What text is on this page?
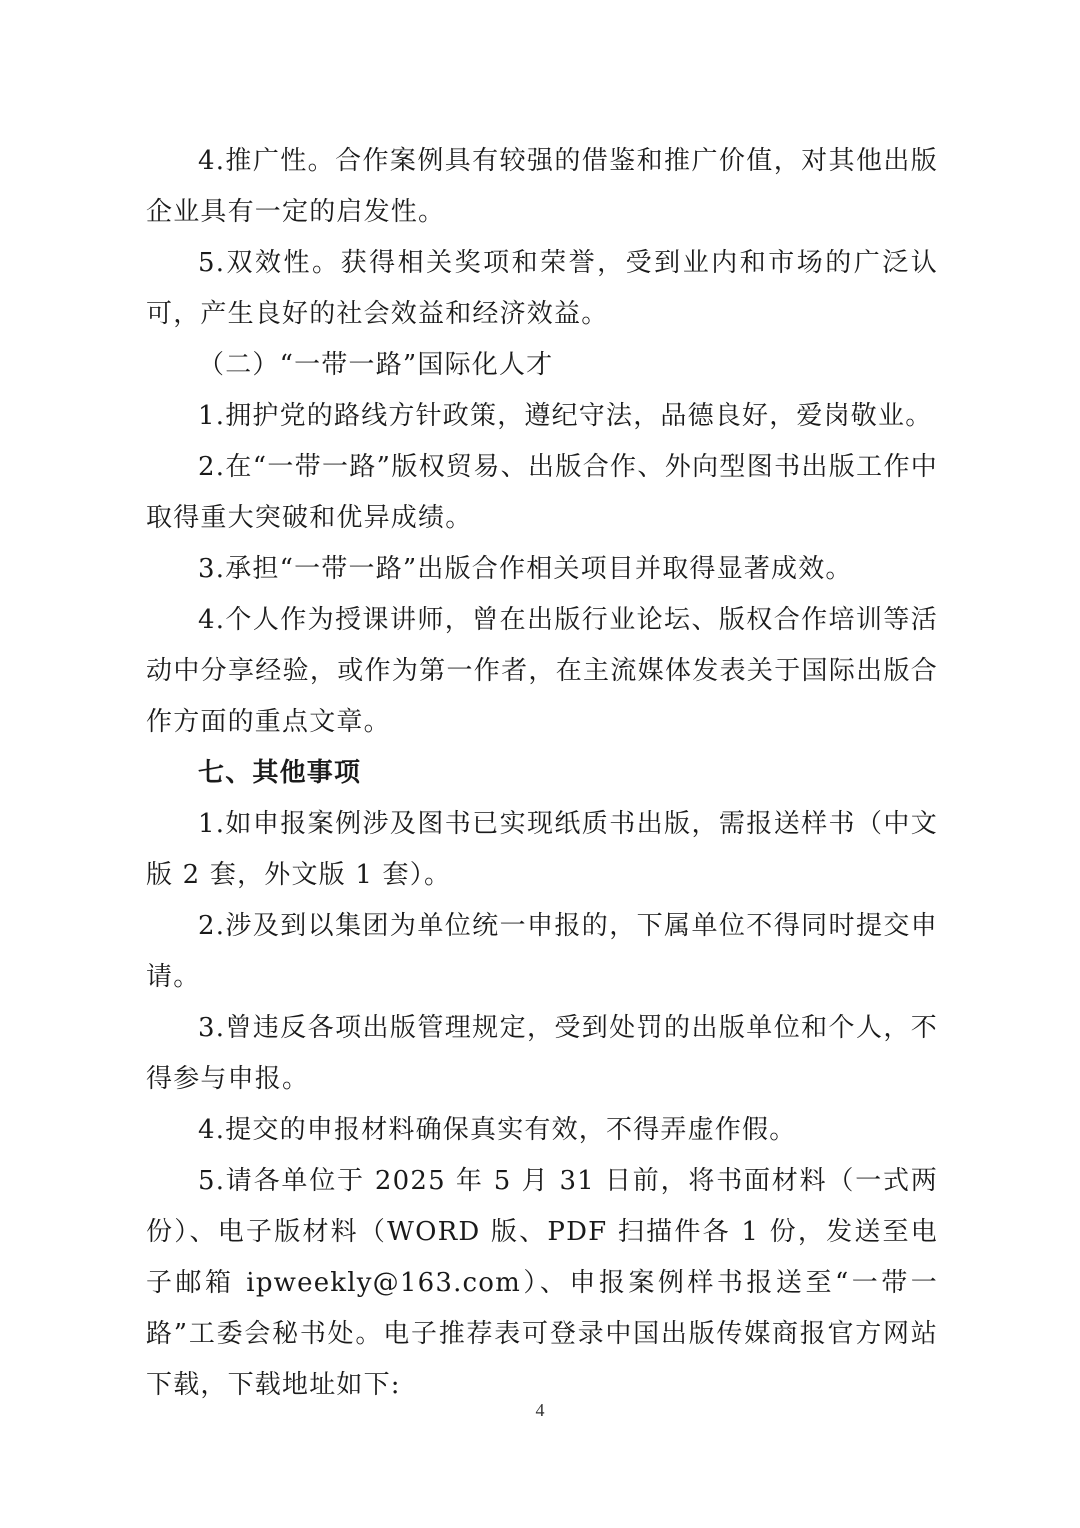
4.推广性。合作案例具有较强的借鉴和推广价值，对其他出版企业具有一定的启发性。

5.双效性。获得相关奖项和荣誉，受到业内和市场的广泛认可，产生良好的社会效益和经济效益。

（二）“一带一路”国际化人才

1.拥护党的路线方针政策，遵纪守法，品德良好，爱岗敬业。

2.在“一带一路”版权贸易、出版合作、外向型图书出版工作中取得重大突破和优异成绩。

3.承担“一带一路”出版合作相关项目并取得显著成效。

4.个人作为授课讲师，曾在出版行业论坛、版权合作培训等活动中分享经验，或作为第一作者，在主流媒体发表关于国际出版合作方面的重点文章。

七、其他事项

1.如申报案例涉及图书已实现纸质书出版，需报送样书（中文版 2 套，外文版 1 套）。

2.涉及到以集团为单位统一申报的，下属单位不得同时提交申请。

3.曾违反各项出版管理规定，受到处罚的出版单位和个人，不得参与申报。

4.提交的申报材料确保真实有效，不得弄虚作假。

5.请各单位于 2025 年 5 月 31 日前，将书面材料（一式两份）、电子版材料（WORD 版、PDF 扫描件各 1 份，发送至电子邮箱 ipweekly@163.com）、申报案例样书报送至“一带一路”工委会秘书处。电子推荐表可登录中国出版传媒商报官方网站下载，下载地址如下:

4
